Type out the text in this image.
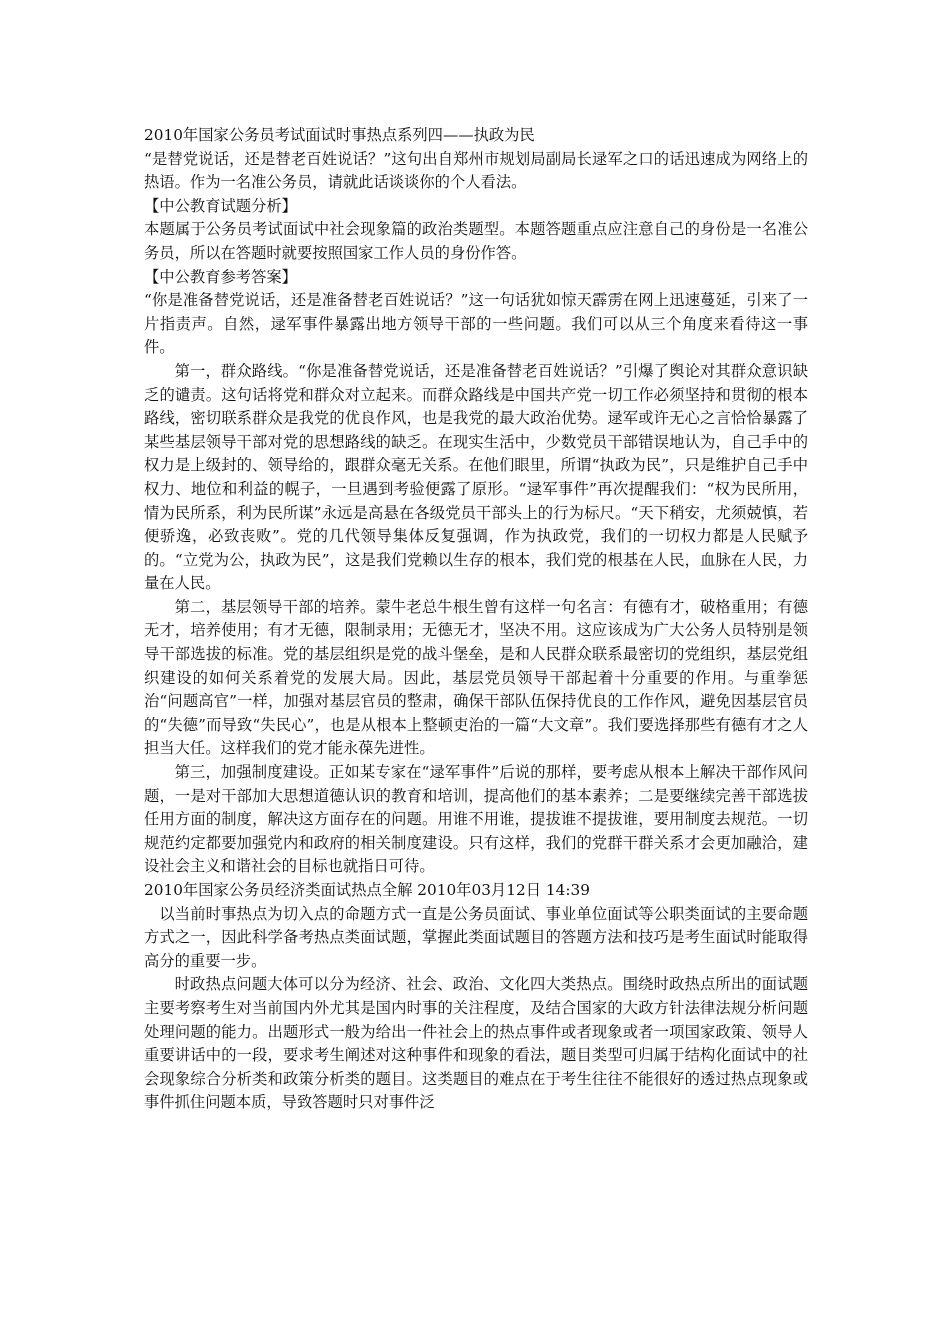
2010年国家公务员考试面试时事热点系列四——执政为民

“是替党说话，还是替老百姓说话？”这句出自郑州市规划局副局长逯军之口的话迅速成为网络上的热语。作为一名准公务员，请就此话谈谈你的个人看法。

【中公教育试题分析】

本题属于公务员考试面试中社会现象篇的政治类题型。本题答题重点应注意自己的身份是一名准公务员，所以在答题时就要按照国家工作人员的身份作答。

【中公教育参考答案】

“你是准备替党说话，还是准备替老百姓说话？”这一句话犹如惊天霹雳在网上迅速蔓延，引来了一片指责声。自然，逯军事件暴露出地方领导干部的一些问题。我们可以从三个角度来看待这一事件。

第一，群众路线。“你是准备替党说话，还是准备替老百姓说话？”引爆了舆论对其群众意识缺乏的谴责。这句话将党和群众对立起来。而群众路线是中国共产党一切工作必须坚持和贯彻的根本路线，密切联系群众是我党的优良作风，也是我党的最大政治优势。逯军或许无心之言恰恰暴露了某些基层领导干部对党的思想路线的缺乏。在现实生活中，少数党员干部错误地认为，自己手中的权力是上级封的、领导给的，跟群众毫无关系。在他们眼里，所谓“执政为民”，只是维护自己手中权力、地位和利益的幌子，一旦遇到考验便露了原形。“逯军事件”再次提醒我们：“权为民所用，情为民所系，利为民所谋”永远是高悬在各级党员干部头上的行为标尺。“天下稍安，尤须兢慎，若便骄逸，必致丧败”。党的几代领导集体反复强调，作为执政党，我们的一切权力都是人民赋予的。“立党为公，执政为民”，这是我们党赖以生存的根本，我们党的根基在人民，血脉在人民，力量在人民。

第二，基层领导干部的培养。蒙牛老总牛根生曾有这样一句名言：有德有才，破格重用；有德无才，培养使用；有才无德，限制录用；无德无才，坚决不用。这应该成为广大公务人员特别是领导干部选拔的标准。党的基层组织是党的战斗堡垒，是和人民群众联系最密切的党组织，基层党组织建设的如何关系着党的发展大局。因此，基层党员领导干部起着十分重要的作用。与重拳惩治“问题高官”一样，加强对基层官员的整肃，确保干部队伍保持优良的工作作风，避免因基层官员的“失德”而导致“失民心”，也是从根本上整顿吏治的一篇“大文章”。我们要选择那些有德有才之人担当大任。这样我们的党才能永葆先进性。

第三，加强制度建设。正如某专家在“逯军事件”后说的那样，要考虑从根本上解决干部作风问题，一是对干部加大思想道德认识的教育和培训，提高他们的基本素养；二是要继续完善干部选拔任用方面的制度，解决这方面存在的问题。用谁不用谁，提拔谁不提拔谁，要用制度去规范。一切规范约定都要加强党内和政府的相关制度建设。只有这样，我们的党群干群关系才会更加融洽，建设社会主义和谐社会的目标也就指日可待。

2010年国家公务员经济类面试热点全解 2010年03月12日 14:39

以当前时事热点为切入点的命题方式一直是公务员面试、事业单位面试等公职类面试的主要命题方式之一，因此科学备考热点类面试题，掌握此类面试题目的答题方法和技巧是考生面试时能取得高分的重要一步。

时政热点问题大体可以分为经济、社会、政治、文化四大类热点。围绕时政热点所出的面试题主要考察考生对当前国内外尤其是国内时事的关注程度，及结合国家的大政方针法律法规分析问题处理问题的能力。出题形式一般为给出一件社会上的热点事件或者现象或者一项国家政策、领导人重要讲话中的一段，要求考生阐述对这种事件和现象的看法，题目类型可归属于结构化面试中的社会现象综合分析类和政策分析类的题目。这类题目的难点在于考生往往不能很好的透过热点现象或事件抓住问题本质，导致答题时只对事件泛
